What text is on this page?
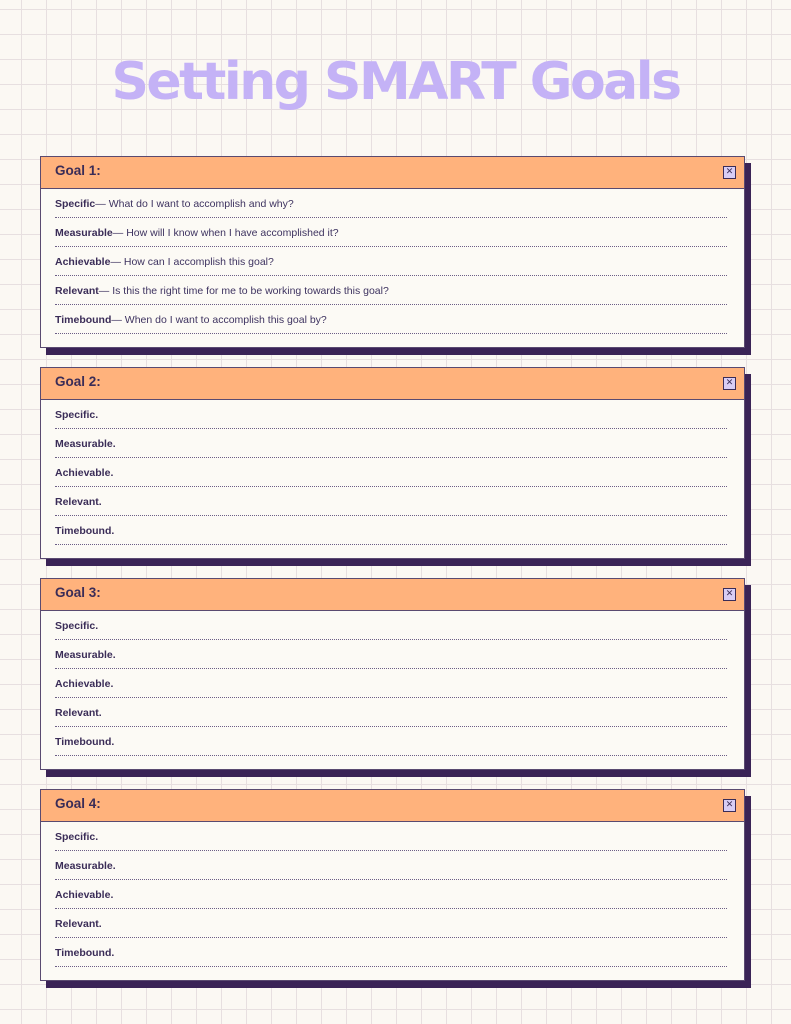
Setting SMART Goals
Goal 1:	✕
Specific — What do I want to accomplish and why?
Measurable — How will I know when I have accomplished it?
Achievable — How can I accomplish this goal?
Relevant — Is this the right time for me to be working towards this goal?
Timebound — When do I want to accomplish this goal by?
Goal 2:	✕
Specific.
Measurable.
Achievable.
Relevant.
Timebound.
Goal 3:	✕
Specific.
Measurable.
Achievable.
Relevant.
Timebound.
Goal 4:	✕
Specific.
Measurable.
Achievable.
Relevant.
Timebound.
